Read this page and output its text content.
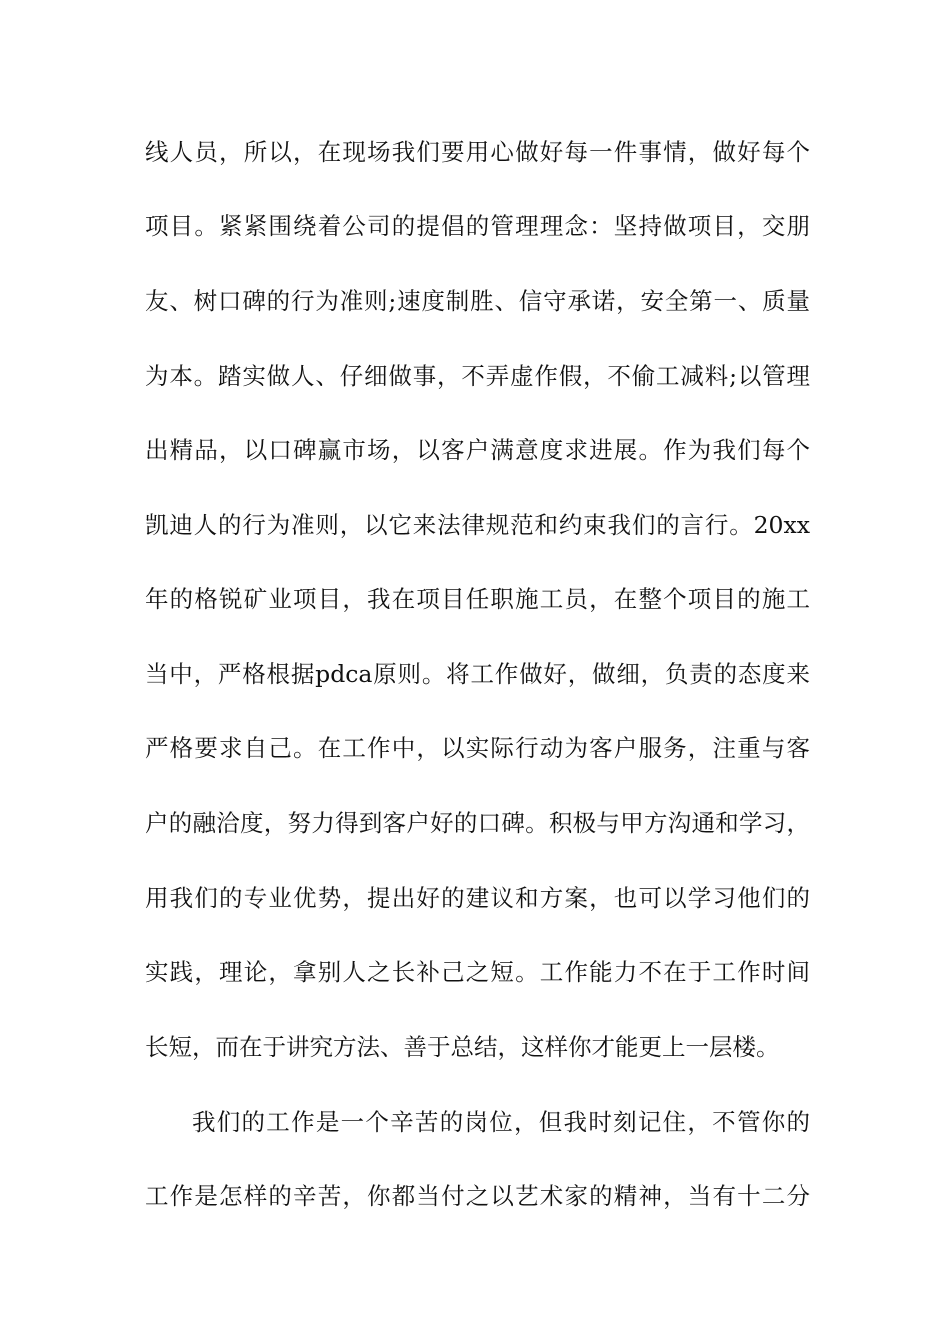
线人员，所以，在现场我们要用心做好每一件事情，做好每个
项目。紧紧围绕着公司的提倡的管理理念：坚持做项目，交朋
友、树口碑的行为准则;速度制胜、信守承诺，安全第一、质量
为本。踏实做人、仔细做事，不弄虚作假，不偷工减料;以管理
出精品，以口碑赢市场，以客户满意度求进展。作为我们每个
凯迪人的行为准则，以它来法律规范和约束我们的言行。20xx
年的格锐矿业项目，我在项目任职施工员，在整个项目的施工
当中，严格根据pdca原则。将工作做好，做细，负责的态度来
严格要求自己。在工作中，以实际行动为客户服务，注重与客
户的融洽度，努力得到客户好的口碑。积极与甲方沟通和学习，
用我们的专业优势，提出好的建议和方案，也可以学习他们的
实践，理论，拿别人之长补己之短。工作能力不在于工作时间
长短，而在于讲究方法、善于总结，这样你才能更上一层楼。
我们的工作是一个辛苦的岗位，但我时刻记住，不管你的
工作是怎样的辛苦，你都当付之以艺术家的精神，当有十二分
